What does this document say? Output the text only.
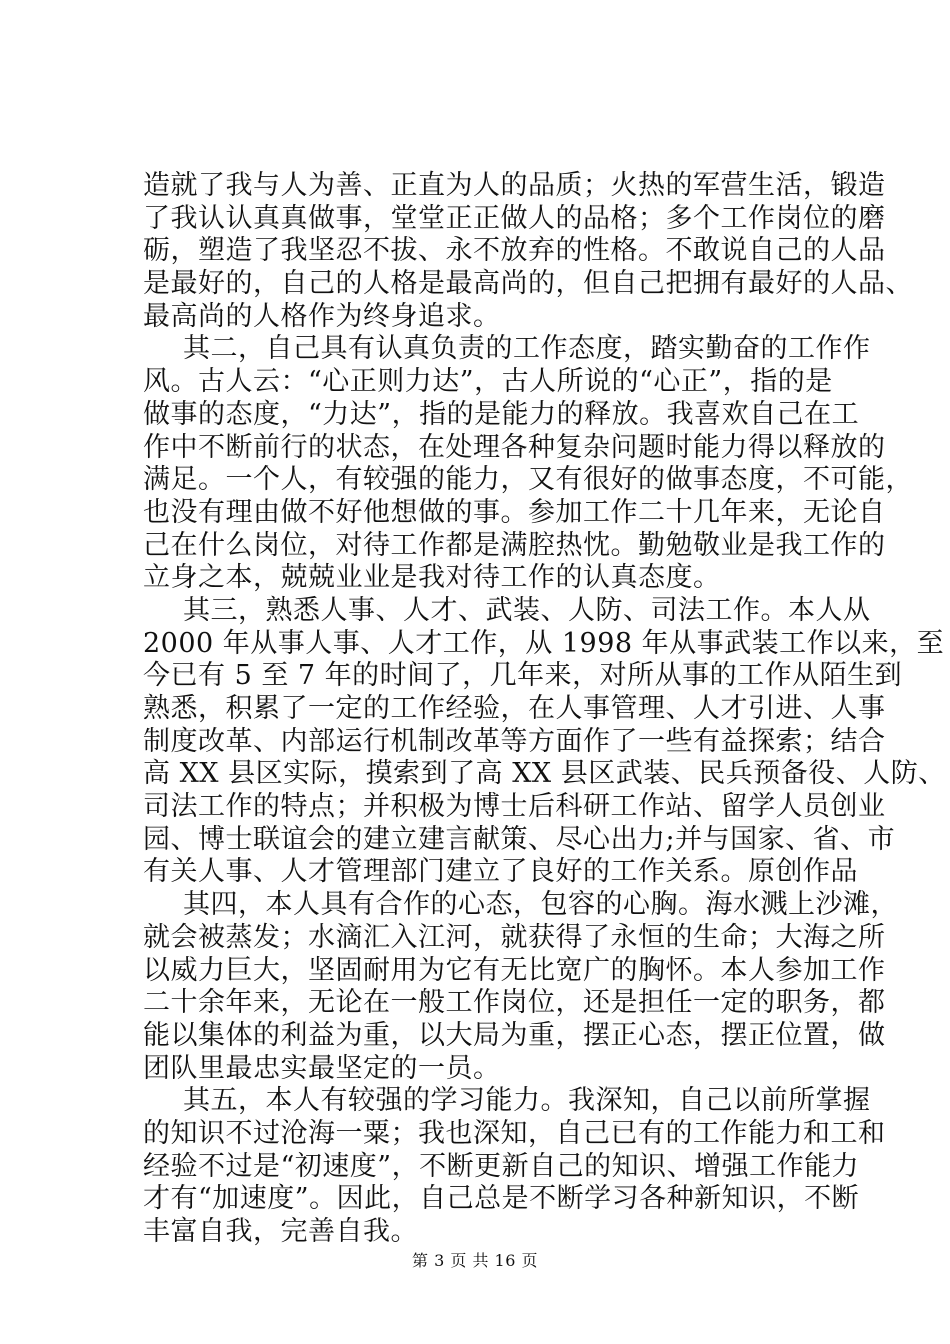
造就了我与人为善、正直为人的品质；火热的军营生活，锻造
了我认认真真做事，堂堂正正做人的品格；多个工作岗位的磨
砺，塑造了我坚忍不拔、永不放弃的性格。不敢说自己的人品
是最好的，自己的人格是最高尚的，但自己把拥有最好的人品、
最高尚的人格作为终身追求。
其二，自己具有认真负责的工作态度，踏实勤奋的工作作
风。古人云：“心正则力达”，古人所说的“心正”，指的是
做事的态度，“力达”，指的是能力的释放。我喜欢自己在工
作中不断前行的状态，在处理各种复杂问题时能力得以释放的
满足。一个人，有较强的能力，又有很好的做事态度，不可能，
也没有理由做不好他想做的事。参加工作二十几年来，无论自
己在什么岗位，对待工作都是满腔热忱。勤勉敬业是我工作的
立身之本，兢兢业业是我对待工作的认真态度。
其三，熟悉人事、人才、武装、人防、司法工作。本人从
2000 年从事人事、人才工作，从 1998 年从事武装工作以来，至
今已有 5 至 7 年的时间了，几年来，对所从事的工作从陌生到
熟悉，积累了一定的工作经验，在人事管理、人才引进、人事
制度改革、内部运行机制改革等方面作了一些有益探索；结合
高 XX 县区实际，摸索到了高 XX 县区武装、民兵预备役、人防、
司法工作的特点；并积极为博士后科研工作站、留学人员创业
园、博士联谊会的建立建言献策、尽心出力;并与国家、省、市
有关人事、人才管理部门建立了良好的工作关系。原创作品
其四，本人具有合作的心态，包容的心胸。海水溅上沙滩，
就会被蒸发；水滴汇入江河，就获得了永恒的生命；大海之所
以威力巨大，坚固耐用为它有无比宽广的胸怀。本人参加工作
二十余年来，无论在一般工作岗位，还是担任一定的职务，都
能以集体的利益为重，以大局为重，摆正心态，摆正位置，做
团队里最忠实最坚定的一员。
其五，本人有较强的学习能力。我深知，自己以前所掌握
的知识不过沧海一粟；我也深知，自己已有的工作能力和工和
经验不过是“初速度”，不断更新自己的知识、增强工作能力
才有“加速度”。因此，自己总是不断学习各种新知识，不断
丰富自我，完善自我。
第 3 页 共 16 页
